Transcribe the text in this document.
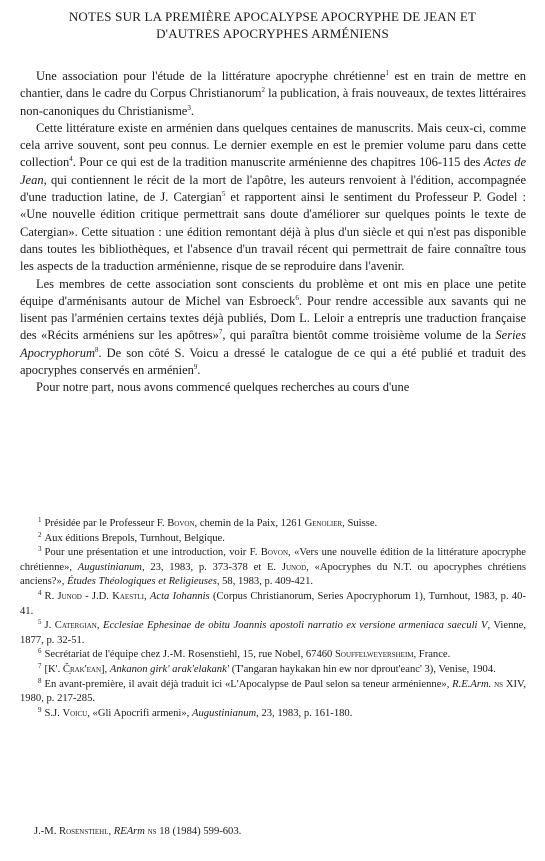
NOTES SUR LA PREMIÈRE APOCALYPSE APOCRYPHE DE JEAN ET
D'AUTRES APOCRYPHES ARMÉNIENS

Une association pour l'étude de la littérature apocryphe chrétienne$^1$ est en train de mettre en chantier, dans le cadre du Corpus Christianorum$^2$ la publication, à frais nouveaux, de textes littéraires non-canoniques du Christianisme$^3$.

Cette littérature existe en arménien dans quelques centaines de manuscrits. Mais ceux-ci, comme cela arrive souvent, sont peu connus. Le dernier exemple en est le premier volume paru dans cette collection$^4$. Pour ce qui est de la tradition manuscrite arménienne des chapitres 106-115 des Actes de Jean, qui contiennent le récit de la mort de l'apôtre, les auteurs renvoient à l'édition, accompagnée d'une traduction latine, de J. Catergian$^5$ et rapportent ainsi le sentiment du Professeur P. Godel : «Une nouvelle édition critique permettrait sans doute d'améliorer sur quelques points le texte de Catergian». Cette situation : une édition remontant déjà à plus d'un siècle et qui n'est pas disponible dans toutes les bibliothèques, et l'absence d'un travail récent qui permettrait de faire connaître tous les aspects de la traduction arménienne, risque de se reproduire dans l'avenir.

Les membres de cette association sont conscients du problème et ont mis en place une petite équipe d'arménisants autour de Michel van Esbroeck$^6$. Pour rendre accessible aux savants qui ne lisent pas l'arménien certains textes déjà publiés, Dom L. Leloir a entrepris une traduction française des «Récits arméniens sur les apôtres»$^7$, qui paraîtra bientôt comme troisième volume de la Series Apocryphorum$^8$. De son côté S. Voicu a dressé le catalogue de ce qui a été publié et traduit des apocryphes conservés en arménien$^9$.

Pour notre part, nous avons commencé quelques recherches au cours d'une

$^1$ Présidée par le Professeur F. Bovon, chemin de la Paix, 1261 Genolier, Suisse.

$^2$ Aux éditions Brepols, Turnhout, Belgique.

$^3$ Pour une présentation et une introduction, voir F. Bovon, «Vers une nouvelle édition de la littérature apocryphe chrétienne», Augustinianum, 23, 1983, p. 373-378 et E. Junod, «Apocryphes du N.T. ou apocryphes chrétiens anciens?», Études Théologiques et Religieuses, 58, 1983, p. 409-421.

$^4$ R. Junod - J.D. Kaestli, Acta Iohannis (Corpus Christianorum, Series Apocryphorum 1), Turnhout, 1983, p. 40-41.

$^5$ J. Catergian, Ecclesiae Ephesinae de obitu Joannis apostoli narratio ex versione armeniaca saeculi V, Vienne, 1877, p. 32-51.

$^6$ Secrétariat de l'équipe chez J.-M. Rosenstiehl, 15, rue Nobel, 67460 Souffelweyersheim, France.

$^7$ [K'. Č̣rak'ean], Ankanon girk' arak'elakank' (T'angaran haykakan hin ew nor dprout'eanc' 3), Venise, 1904.

$^8$ En avant-première, il avait déjà traduit ici «L'Apocalypse de Paul selon sa teneur arménienne», R.E.Arm. ns XIV, 1980, p. 217-285.

$^9$ S.J. Voicu, «Gli Apocrifi armeni», Augustinianum, 23, 1983, p. 161-180.

J.-M. Rosenstiehl, REArm ns 18 (1984) 599-603.
